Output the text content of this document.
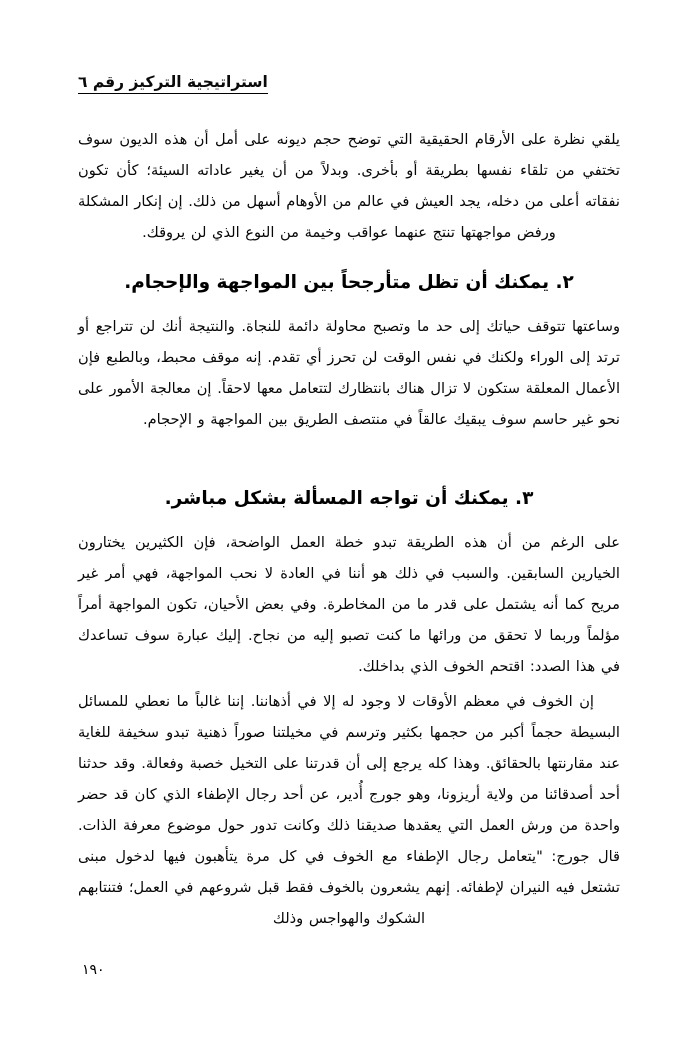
استراتيجية التركيز رقم ٦

يلقي نظرة على الأرقام الحقيقية التي توضح حجم ديونه على أمل أن هذه الديون سوف تختفي من تلقاء نفسها بطريقة أو بأخرى. وبدلاً من أن يغير عاداته السيئة؛ كأن تكون نفقاته أعلى من دخله، يجد العيش في عالم من الأوهام أسهل من ذلك. إن إنكار المشكلة ورفض مواجهتها تنتج عنهما عواقب وخيمة من النوع الذي لن يروقك.

٢. يمكنك أن تظل متأرجحاً بين المواجهة والإحجام.

وساعتها تتوقف حياتك إلى حد ما وتصبح محاولة دائمة للنجاة. والنتيجة أنك لن تتراجع أو ترتد إلى الوراء ولكنك في نفس الوقت لن تحرز أي تقدم. إنه موقف محبط، وبالطبع فإن الأعمال المعلقة ستكون لا تزال هناك بانتظارك لتتعامل معها لاحقاً. إن معالجة الأمور على نحو غير حاسم سوف يبقيك عالقاً في منتصف الطريق بين المواجهة و الإحجام.

٣. يمكنك أن تواجه المسألة بشكل مباشر.

على الرغم من أن هذه الطريقة تبدو خطة العمل الواضحة، فإن الكثيرين يختارون الخيارين السابقين. والسبب في ذلك هو أننا في العادة لا نحب المواجهة، فهي أمر غير مريح كما أنه يشتمل على قدر ما من المخاطرة. وفي بعض الأحيان، تكون المواجهة أمراً مؤلماً وربما لا تحقق من ورائها ما كنت تصبو إليه من نجاح. إليك عبارة سوف تساعدك في هذا الصدد: اقتحم الخوف الذي بداخلك.

إن الخوف في معظم الأوقات لا وجود له إلا في أذهاننا. إننا غالباً ما نعطي للمسائل البسيطة حجماً أكبر من حجمها بكثير وترسم في مخيلتنا صوراً ذهنية تبدو سخيفة للغاية عند مقارنتها بالحقائق. وهذا كله يرجع إلى أن قدرتنا على التخيل خصبة وفعالة. وقد حدثنا أحد أصدقائنا من ولاية أريزونا، وهو جورج أُدير، عن أحد رجال الإطفاء الذي كان قد حضر واحدة من ورش العمل التي يعقدها صديقنا ذلك وكانت تدور حول موضوع معرفة الذات. قال جورج: "يتعامل رجال الإطفاء مع الخوف في كل مرة يتأهبون فيها لدخول مبنى تشتعل فيه النيران لإطفائه. إنهم يشعرون بالخوف فقط قبل شروعهم في العمل؛ فتنتابهم الشكوك والهواجس وذلك

١٩٠
